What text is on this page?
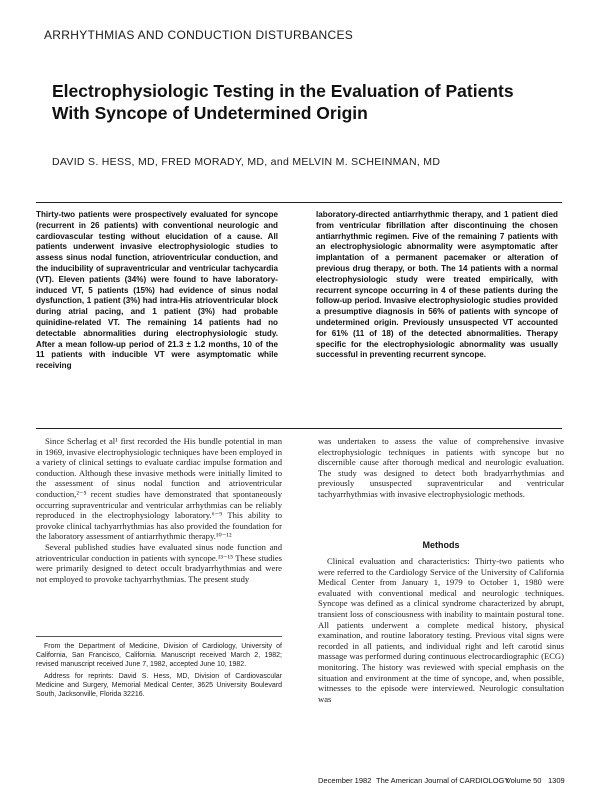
ARRHYTHMIAS AND CONDUCTION DISTURBANCES
Electrophysiologic Testing in the Evaluation of Patients
With Syncope of Undetermined Origin
DAVID S. HESS, MD, FRED MORADY, MD, and MELVIN M. SCHEINMAN, MD
Thirty-two patients were prospectively evaluated for syncope (recurrent in 26 patients) with conventional neurologic and cardiovascular testing without elucidation of a cause. All patients underwent invasive electrophysiologic studies to assess sinus nodal function, atrioventricular conduction, and the inducibility of supraventricular and ventricular tachycardia (VT). Eleven patients (34%) were found to have laboratory-induced VT, 5 patients (15%) had evidence of sinus nodal dysfunction, 1 patient (3%) had intra-His atrioventricular block during atrial pacing, and 1 patient (3%) had probable quinidine-related VT. The remaining 14 patients had no detectable abnormalities during electrophysiologic study. After a mean follow-up period of 21.3 ± 1.2 months, 10 of the 11 patients with inducible VT were asymptomatic while receiving
laboratory-directed antiarrhythmic therapy, and 1 patient died from ventricular fibrillation after discontinuing the chosen antiarrhythmic regimen. Five of the remaining 7 patients with an electrophysiologic abnormality were asymptomatic after implantation of a permanent pacemaker or alteration of previous drug therapy, or both. The 14 patients with a normal electrophysiologic study were treated empirically, with recurrent syncope occurring in 4 of these patients during the follow-up period. Invasive electrophysiologic studies provided a presumptive diagnosis in 56% of patients with syncope of undetermined origin. Previously unsuspected VT accounted for 61% (11 of 18) of the detected abnormalities. Therapy specific for the electrophysiologic abnormality was usually successful in preventing recurrent syncope.

Since Scherlag et al¹ first recorded the His bundle potential in man in 1969, invasive electrophysiologic techniques have been employed in a variety of clinical settings to evaluate cardiac impulse formation and conduction. Although these invasive methods were initially limited to the assessment of sinus nodal function and atrioventricular conduction,²⁻⁵ recent studies have demonstrated that spontaneously occurring supraventricular and ventricular arrhythmias can be reliably reproduced in the electrophysiology laboratory.⁶⁻⁹ This ability to provoke clinical tachyarrhythmias has also provided the foundation for the laboratory assessment of antiarrhythmic therapy.¹⁰⁻¹²

Several published studies have evaluated sinus node function and atrioventricular conduction in patients with syncope.¹³⁻¹⁵ These studies were primarily designed to detect occult bradyarrhythmias and were not employed to provoke tachyarrhythmias. The present study

was undertaken to assess the value of comprehensive invasive electrophysiologic techniques in patients with syncope but no discernible cause after thorough medical and neurologic evaluation. The study was designed to detect both bradyarrhythmias and previously unsuspected supraventricular and ventricular tachyarrhythmias with invasive electrophysiologic methods.

Methods

Clinical evaluation and characteristics: Thirty-two patients who were referred to the Cardiology Service of the University of California Medical Center from January 1, 1979 to October 1, 1980 were evaluated with conventional medical and neurologic techniques. Syncope was defined as a clinical syndrome characterized by abrupt, transient loss of consciousness with inability to maintain postural tone. All patients underwent a complete medical history, physical examination, and routine laboratory testing. Previous vital signs were recorded in all patients, and individual right and left carotid sinus massage was performed during continuous electrocardiographic (ECG) monitoring. The history was reviewed with special emphasis on the situation and environment at the time of syncope, and, when possible, witnesses to the episode were interviewed. Neurologic consultation was

From the Department of Medicine, Division of Cardiology, University of California, San Francisco, California. Manuscript received March 2, 1982; revised manuscript received June 7, 1982, accepted June 10, 1982.

Address for reprints: David S. Hess, MD, Division of Cardiovascular Medicine and Surgery, Memorial Medical Center, 3625 University Boulevard South, Jacksonville, Florida 32216.

December 1982 The American Journal of CARDIOLOGY
Volume 50 1309
